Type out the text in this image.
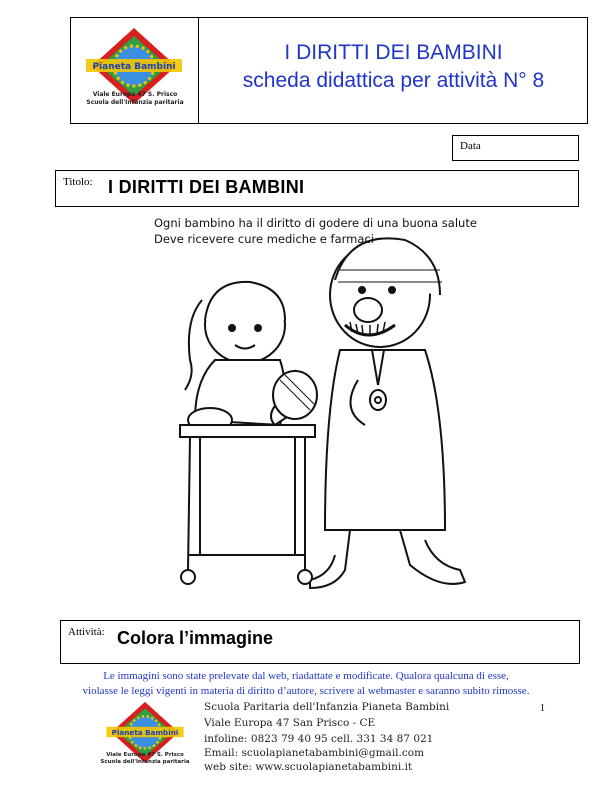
Pianeta Bambini
Viale Europa 47 S. Prisco
Scuola dell'Infanzia paritaria
I DIRITTI DEI BAMBINI
scheda didattica per attività N° 8
Data
Titolo: I DIRITTI DEI BAMBINI
Ogni bambino ha il diritto di godere di una buona salute
Deve ricevere cure mediche e farmaci
Attività: Colora l’immagine
Le immagini sono state prelevate dal web, riadattate e modificate. Qualora qualcuna di esse,
violasse le leggi vigenti in materia di diritto d’autore, scrivere al webmaster e saranno subito rimosse.
Pianeta Bambini
Viale Europa 47 S. Prisco
Scuola dell'Infanzia paritaria
Scuola Paritaria dell'Infanzia Pianeta Bambini
Viale Europa 47 San Prisco - CE
infoline: 0823 79 40 95 cell. 331 34 87 021
Email: scuolapianetabambini@gmail.com
web site: www.scuolapianetabambini.it
1
